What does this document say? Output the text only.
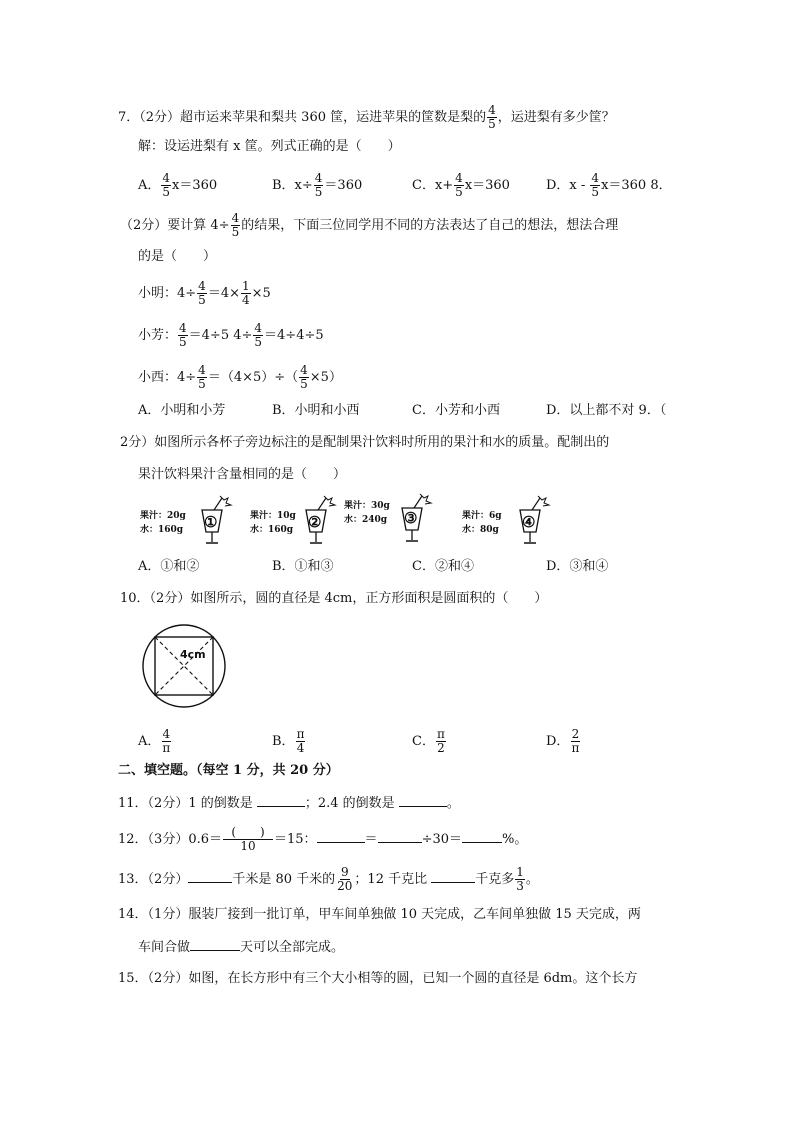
7．（2分）超市运来苹果和梨共 360 筐，运进苹果的筐数是梨的 $\frac{4}{5}$ ，运进梨有多少筐？
解：设运进梨有 x 筐。列式正确的是（　　）
A． $\frac{4}{5} x=360$	B．$x\div \frac{4}{5} =360$	C．$x+ \frac{4}{5} x=360$	D．$x - \frac{4}{5} x=360$ 8．
（2分）要计算 $4\div \frac{4}{5}$ 的结果，下面三位同学用不同的方法表达了自己的想法，想法合理
的是（　　）
小明：$4\div \frac{4}{5} =4\times \frac{1}{4} \times 5$
小芳： $\frac{4}{5} =4\div 5$ $4\div \frac{4}{5} =4\div 4\div 5$
小西：$4\div \frac{4}{5} =(4\times 5)\div( \frac{4}{5} \times 5)$
A．小明和小芳	B．小明和小西	C．小芳和小西	D．以上都不对 9．（
2分）如图所示各杯子旁边标注的是配制果汁饮料时所用的果汁和水的质量。配制出的
果汁饮料果汁含量相同的是（　　）
果汁：20g
水：160g ①	果汁：10g
水：160g ②
果汁：30g
水：240g ③	果汁：6g
水：80g ④
A．①和②	B．①和③	C．②和④	D．③和④
10．（2分）如图所示，圆的直径是 4cm，正方形面积是圆面积的（　　）
4cm
A． $\frac{4}{\pi}$	B． $\frac{\pi}{4}$	C． $\frac{\pi}{2}$	D． $\frac{2}{\pi}$
二、填空题。（每空 1 分，共 20 分）
11．（2分）1 的倒数是	；2.4 的倒数是	。
12．（3分）$0.6= \frac{( )}{10} =15$：	＝	÷30＝	%。
13．（2分）	千米是 80 千米的 $\frac{9}{20}$ ；12 千克比	千克多 $\frac{1}{3}$ 。
14．（1分）服装厂接到一批订单，甲车间单独做 10 天完成，乙车间单独做 15 天完成，两
车间合做	天可以全部完成。
15．（2分）如图，在长方形中有三个大小相等的圆，已知一个圆的直径是 6dm。这个长方
